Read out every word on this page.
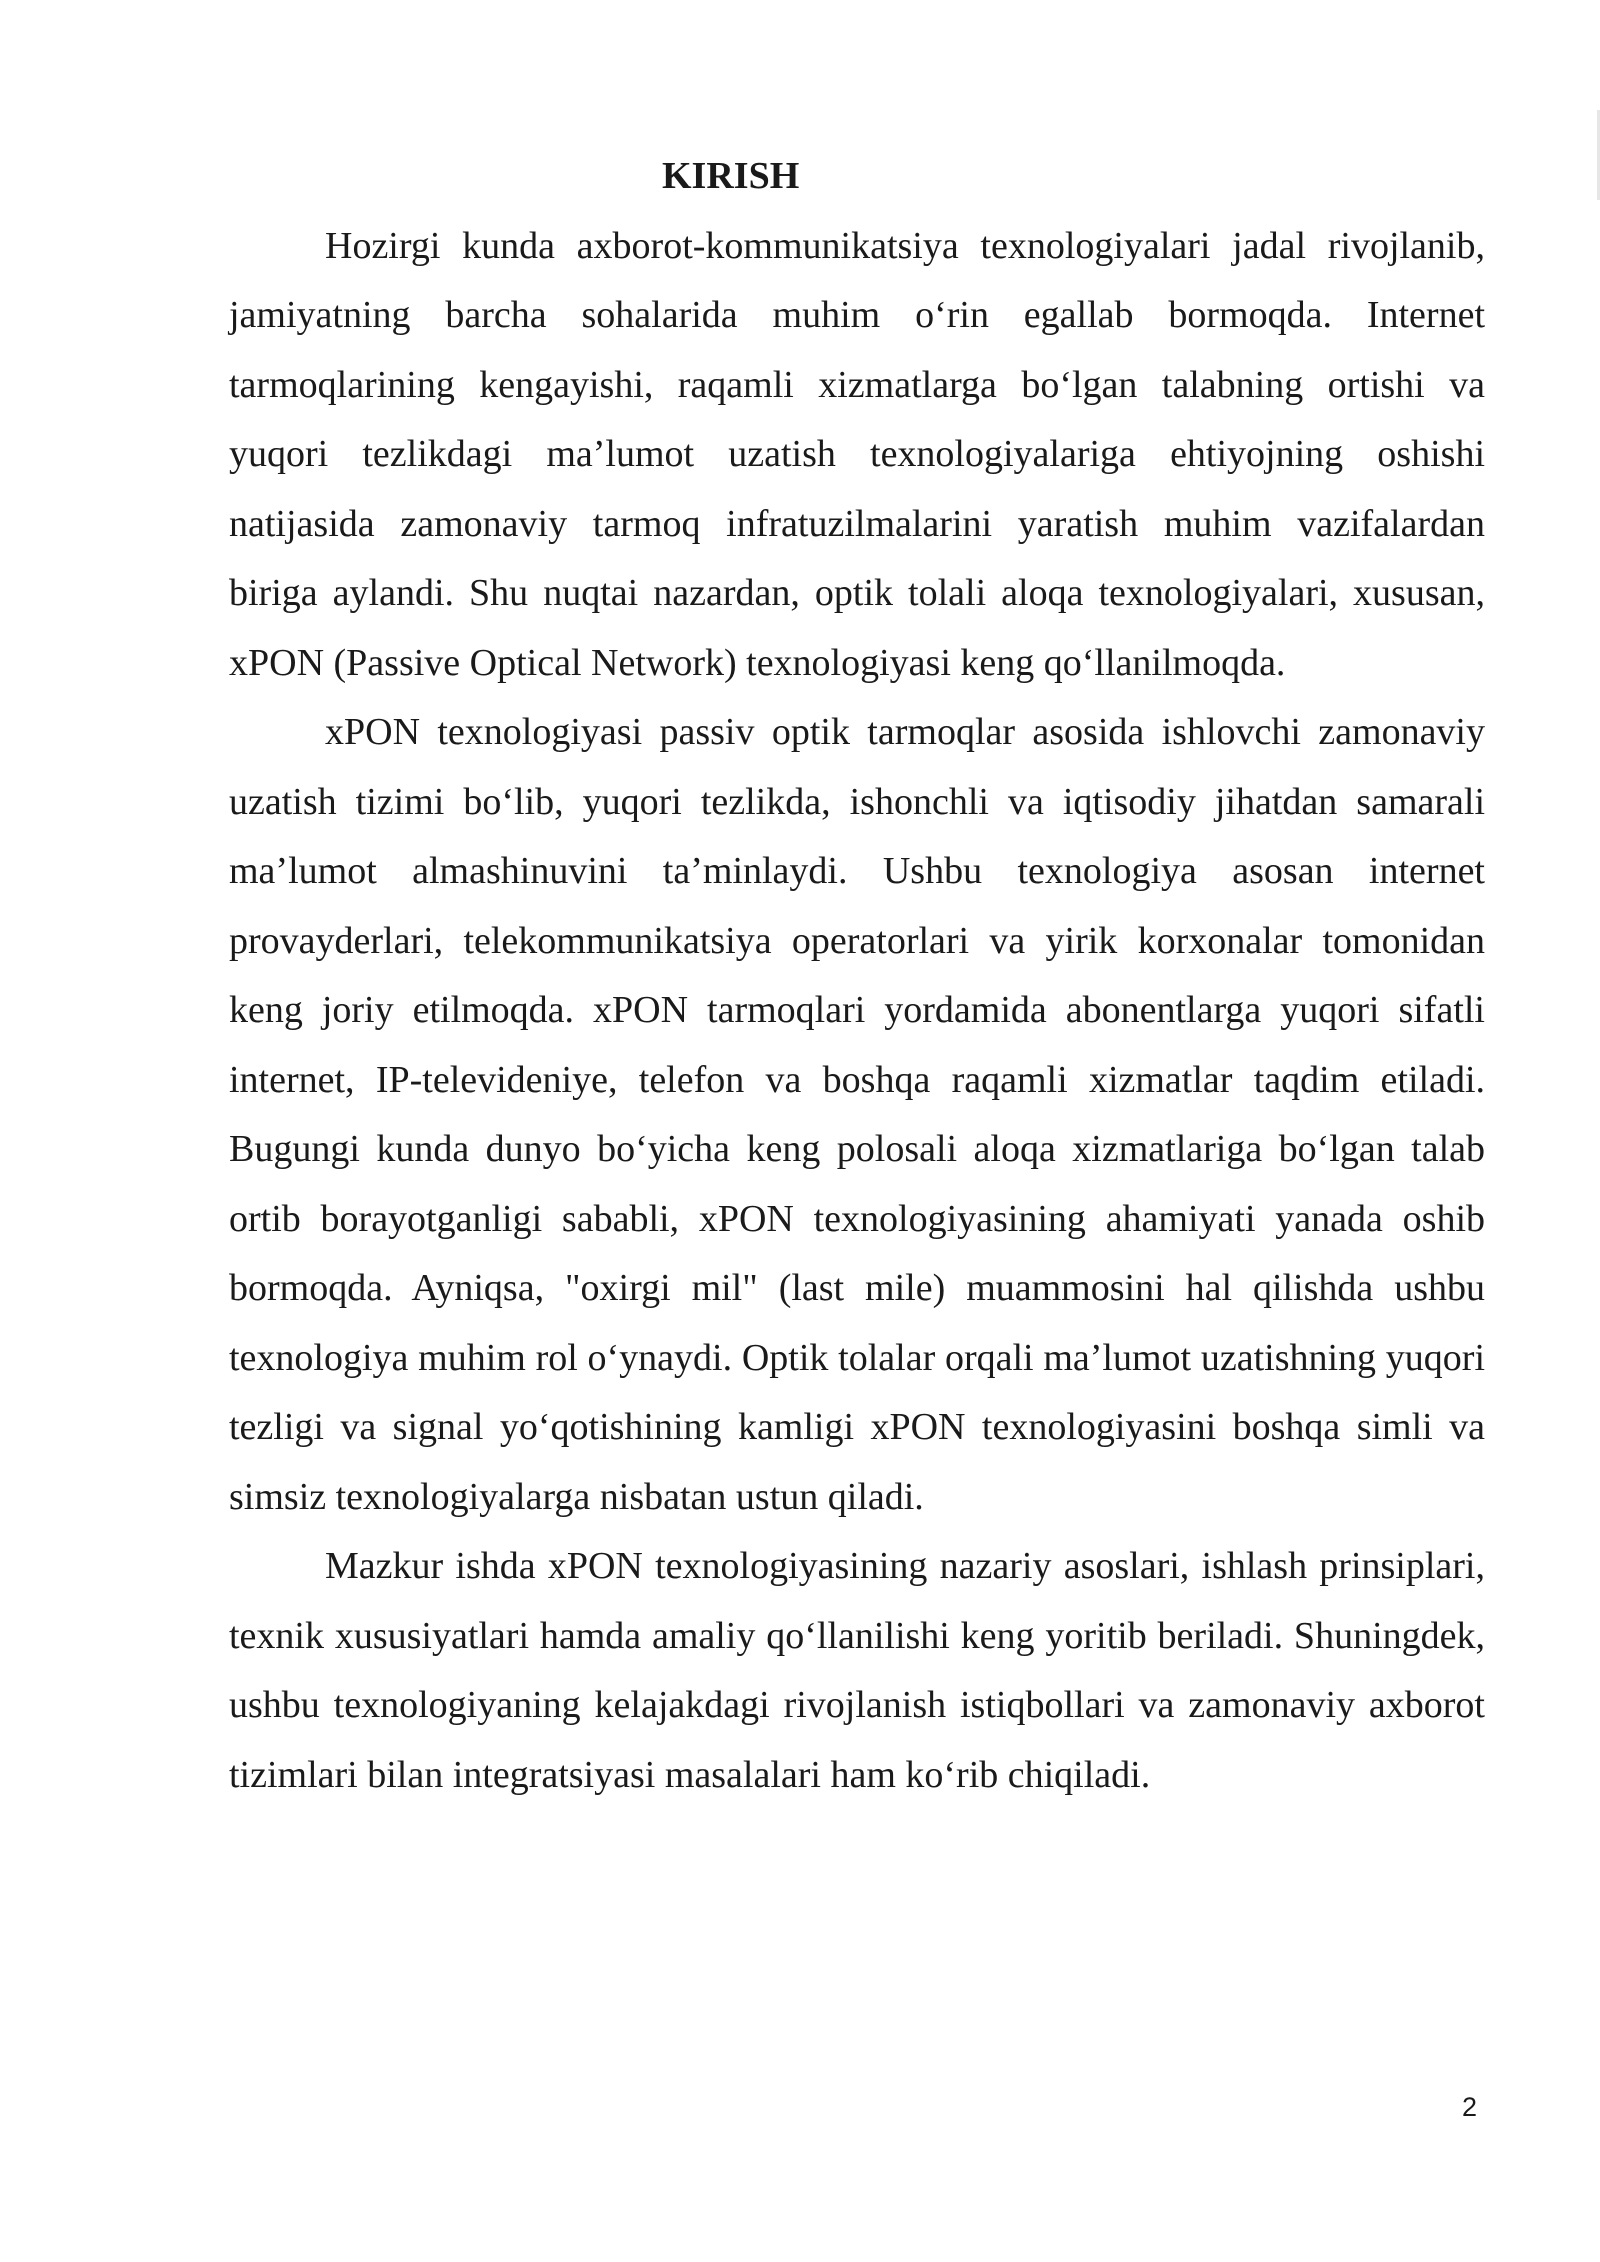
KIRISH

Hozirgi kunda axborot-kommunikatsiya texnologiyalari jadal rivojlanib, jamiyatning barcha sohalarida muhim o‘rin egallab bormoqda. Internet tarmoqlarining kengayishi, raqamli xizmatlarga bo‘lgan talabning ortishi va yuqori tezlikdagi ma’lumot uzatish texnologiyalariga ehtiyojning oshishi natijasida zamonaviy tarmoq infratuzilmalarini yaratish muhim vazifalardan biriga aylandi. Shu nuqtai nazardan, optik tolali aloqa texnologiyalari, xususan, xPON (Passive Optical Network) texnologiyasi keng qo‘llanilmoqda.

xPON texnologiyasi passiv optik tarmoqlar asosida ishlovchi zamonaviy uzatish tizimi bo‘lib, yuqori tezlikda, ishonchli va iqtisodiy jihatdan samarali ma’lumot almashinuvini ta’minlaydi. Ushbu texnologiya asosan internet provayderlari, telekommunikatsiya operatorlari va yirik korxonalar tomonidan keng joriy etilmoqda. xPON tarmoqlari yordamida abonentlarga yuqori sifatli internet, IP-televideniye, telefon va boshqa raqamli xizmatlar taqdim etiladi. Bugungi kunda dunyo bo‘yicha keng polosali aloqa xizmatlariga bo‘lgan talab ortib borayotganligi sababli, xPON texnologiyasining ahamiyati yanada oshib bormoqda. Ayniqsa, "oxirgi mil" (last mile) muammosini hal qilishda ushbu texnologiya muhim rol o‘ynaydi. Optik tolalar orqali ma’lumot uzatishning yuqori tezligi va signal yo‘qotishining kamligi xPON texnologiyasini boshqa simli va simsiz texnologiyalarga nisbatan ustun qiladi.

Mazkur ishda xPON texnologiyasining nazariy asoslari, ishlash prinsiplari, texnik xususiyatlari hamda amaliy qo‘llanilishi keng yoritib beriladi. Shuningdek, ushbu texnologiyaning kelajakdagi rivojlanish istiqbollari va zamonaviy axborot tizimlari bilan integratsiyasi masalalari ham ko‘rib chiqiladi.

2
